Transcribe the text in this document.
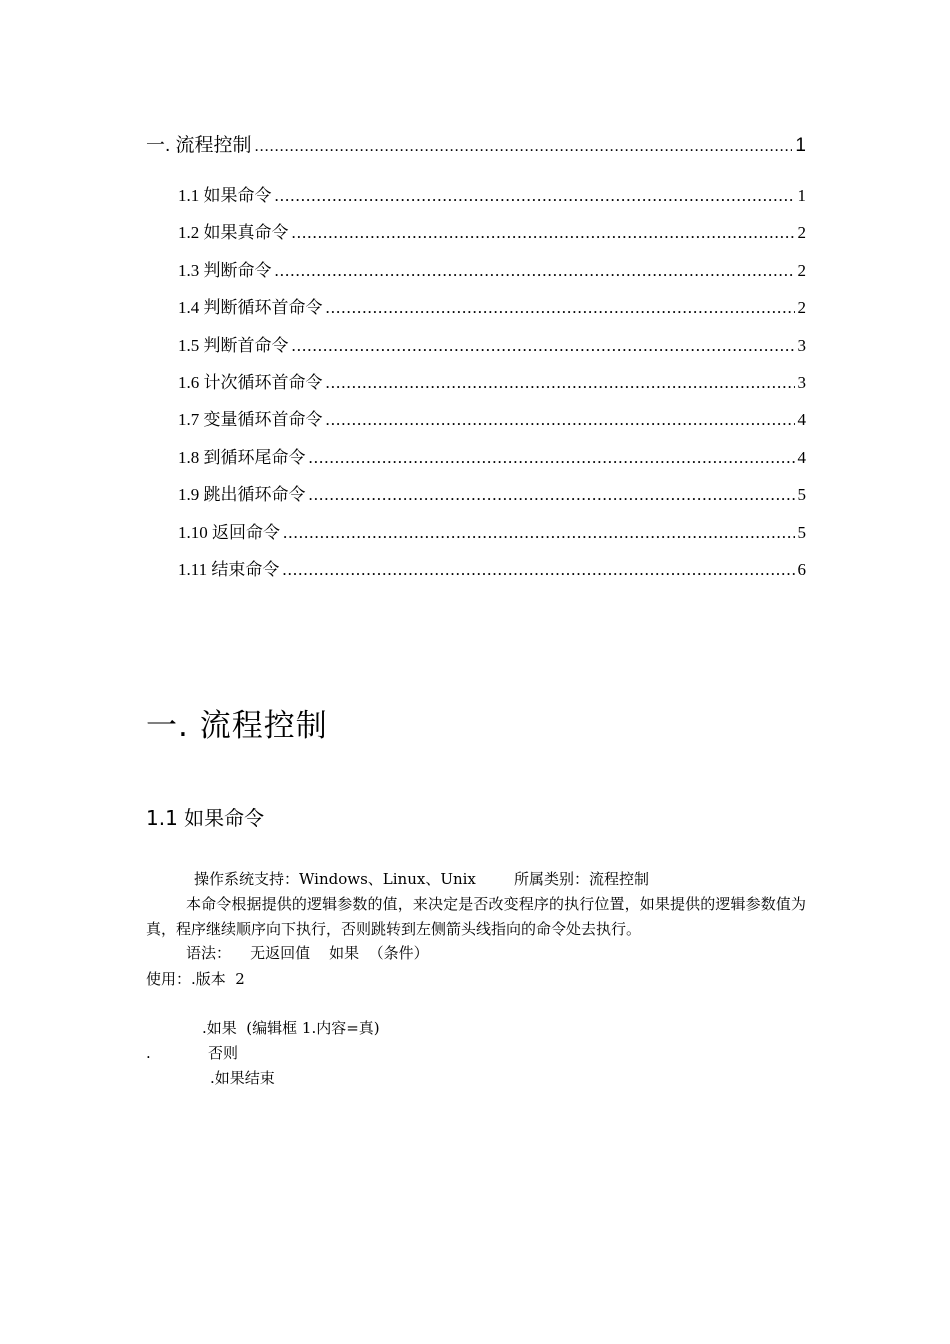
一. 流程控制 .....	1
1.1 如果命令 .....	1
1.2 如果真命令 .....	2
1.3 判断命令 .....	2
1.4 判断循环首命令 .....	2
1.5 判断首命令 .....	3
1.6 计次循环首命令 .....	3
1.7 变量循环首命令 .....	4
1.8 到循环尾命令 .....	4
1.9 跳出循环命令 .....	5
1.10 返回命令 .....	5
1.11 结束命令 .....	6
一. 流程控制
1.1 如果命令
操作系统支持：Windows、Linux、Unix        所属类别：流程控制
本命令根据提供的逻辑参数的值，来决定是否改变程序的执行位置，如果提供的逻辑参数值为真，程序继续顺序向下执行，否则跳转到左侧箭头线指向的命令处去执行。
语法：    无返回值    如果  （条件）
使用：.版本  2
.如果  (编辑框 1.内容=真)
.	否则
.如果结束
